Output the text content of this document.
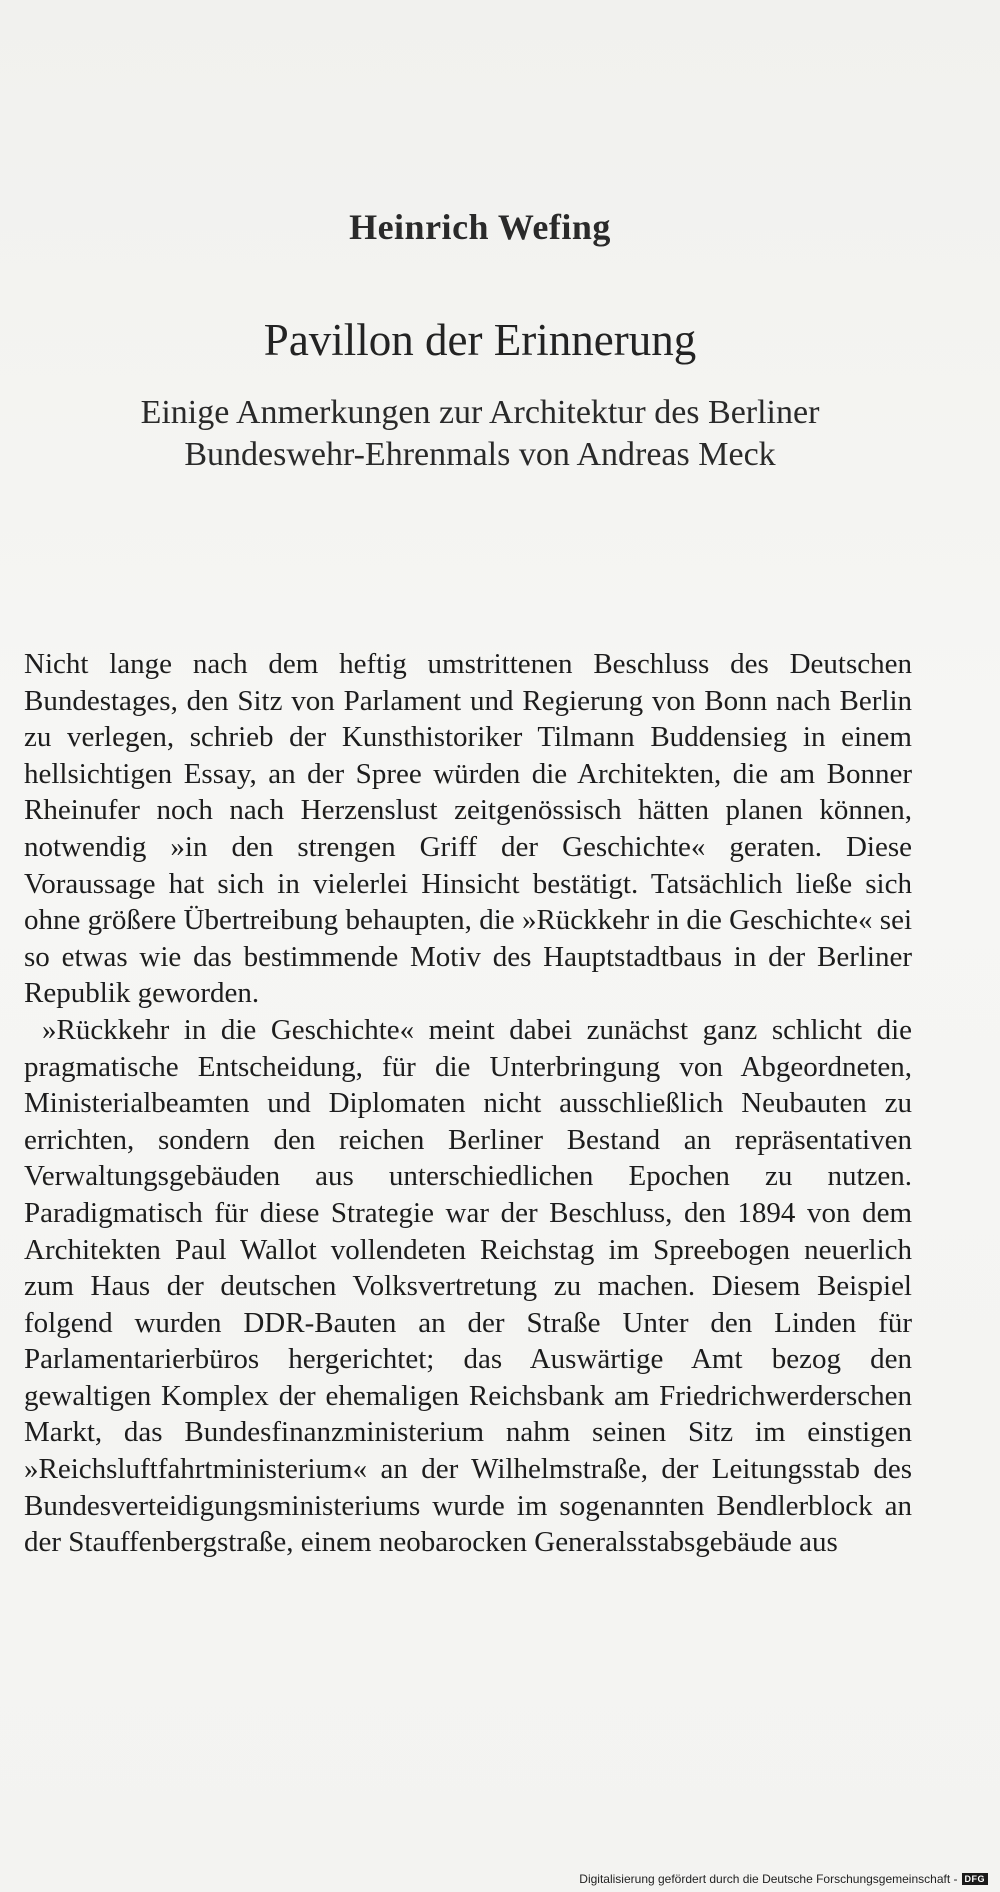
Heinrich Wefing
Pavillon der Erinnerung
Einige Anmerkungen zur Architektur des Berliner
Bundeswehr-Ehrenmals von Andreas Meck

Nicht lange nach dem heftig umstrittenen Beschluss des Deutschen Bundestages, den Sitz von Parlament und Regierung von Bonn nach Berlin zu verlegen, schrieb der Kunsthistoriker Tilmann Buddensieg in einem hellsichtigen Essay, an der Spree würden die Architekten, die am Bonner Rheinufer noch nach Herzenslust zeitgenössisch hätten planen können, notwendig »in den strengen Griff der Geschichte« geraten. Diese Voraussage hat sich in vielerlei Hinsicht bestätigt. Tatsächlich ließe sich ohne größere Übertreibung behaupten, die »Rückkehr in die Geschichte« sei so etwas wie das bestimmende Motiv des Hauptstadtbaus in der Berliner Republik geworden.

»Rückkehr in die Geschichte« meint dabei zunächst ganz schlicht die pragmatische Entscheidung, für die Unterbringung von Abgeordneten, Ministerialbeamten und Diplomaten nicht ausschließlich Neubauten zu errichten, sondern den reichen Berliner Bestand an repräsentativen Verwaltungsgebäuden aus unterschiedlichen Epochen zu nutzen. Paradigmatisch für diese Strategie war der Beschluss, den 1894 von dem Architekten Paul Wallot vollendeten Reichstag im Spreebogen neuerlich zum Haus der deutschen Volksvertretung zu machen. Diesem Beispiel folgend wurden DDR-Bauten an der Straße Unter den Linden für Parlamentarierbüros hergerichtet; das Auswärtige Amt bezog den gewaltigen Komplex der ehemaligen Reichsbank am Friedrichwerderschen Markt, das Bundesfinanzministerium nahm seinen Sitz im einstigen »Reichsluftfahrtministerium« an der Wilhelmstraße, der Leitungsstab des Bundesverteidigungsministeriums wurde im sogenannten Bendlerblock an der Stauffenbergstraße, einem neobarocken Generalsstabsgebäude aus

Digitalisierung gefördert durch die Deutsche Forschungsgemeinschaft - DFG
